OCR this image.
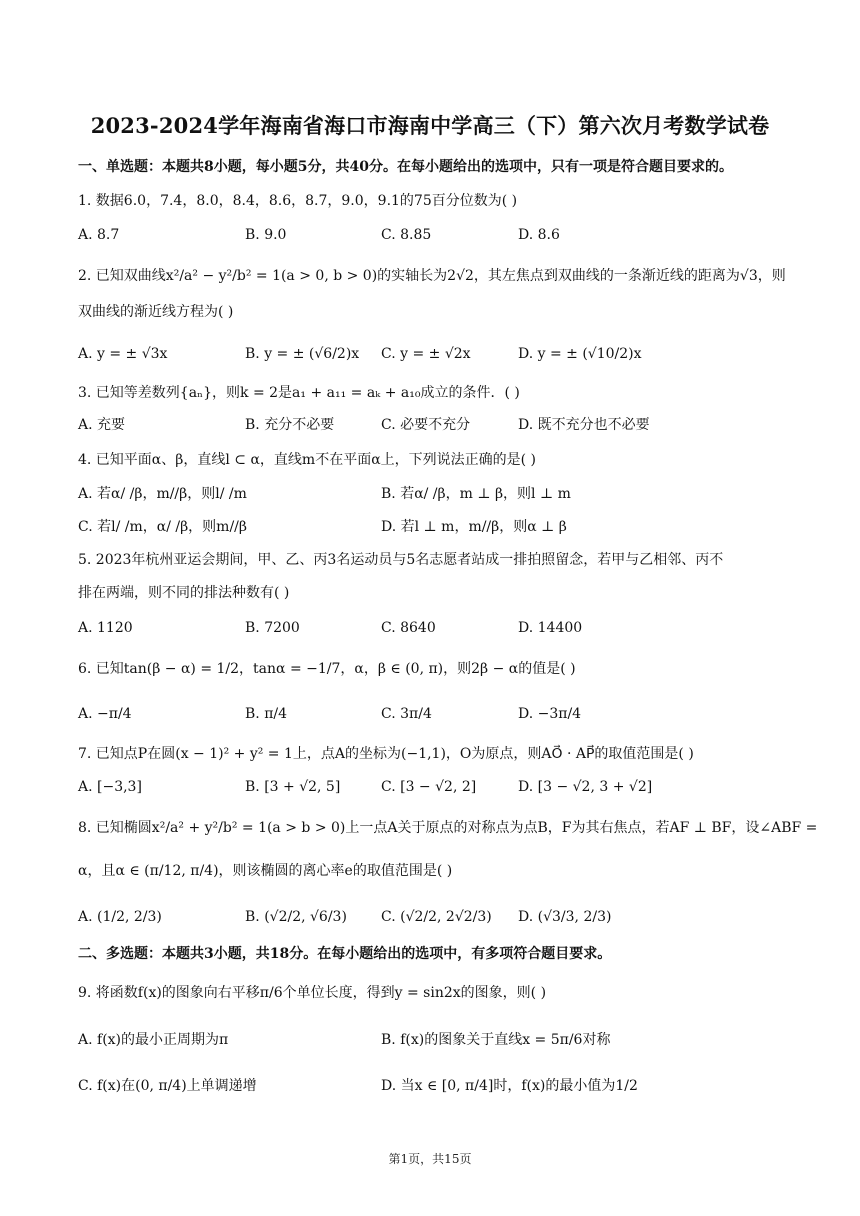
2023-2024学年海南省海口市海南中学高三（下）第六次月考数学试卷
一、单选题：本题共8小题，每小题5分，共40分。在每小题给出的选项中，只有一项是符合题目要求的。
1. 数据6.0，7.4，8.0，8.4，8.6，8.7，9.0，9.1的75百分位数为( )
A. 8.7	B. 9.0	C. 8.85	D. 8.6
2. 已知双曲线x²/a² − y²/b² = 1(a > 0, b > 0)的实轴长为2√2，其左焦点到双曲线的一条渐近线的距离为√3，则
双曲线的渐近线方程为( )
A. y = ± √3x	B. y = ± (√6/2)x C. y = ± √2x	D. y = ± (√10/2)x
3. 已知等差数列{aₙ}，则k = 2是a₁ + a₁₁ = aₖ + a₁₀成立的条件．( )
A. 充要	B. 充分不必要	C. 必要不充分	D. 既不充分也不必要
4. 已知平面α、β，直线l ⊂ α，直线m不在平面α上，下列说法正确的是( )
A. 若α/ /β，m//β，则l/ /m	B. 若α/ /β，m ⊥ β，则l ⊥ m
C. 若l/ /m，α/ /β，则m//β	D. 若l ⊥ m，m//β，则α ⊥ β
5. 2023年杭州亚运会期间，甲、乙、丙3名运动员与5名志愿者站成一排拍照留念，若甲与乙相邻、丙不
排在两端，则不同的排法种数有( )
A. 1120	B. 7200	C. 8640	D. 14400
6. 已知tan(β − α) = 1/2，tanα = −1/7，α，β ∈ (0, π)，则2β − α的值是( )
A. −π/4	B. π/4	C. 3π/4	D. −3π/4
7. 已知点P在圆(x − 1)² + y² = 1上，点A的坐标为(−1,1)，O为原点，则AO⃗ · AP⃗的取值范围是( )
A. [−3,3]	B. [3 + √2, 5]	C. [3 − √2, 2]	D. [3 − √2, 3 + √2]
8. 已知椭圆x²/a² + y²/b² = 1(a > b > 0)上一点A关于原点的对称点为点B，F为其右焦点，若AF ⊥ BF，设∠ABF =
α，且α ∈ (π/12, π/4)，则该椭圆的离心率e的取值范围是( )
A. (1/2, 2/3)	B. (√2/2, √6/3) C. (√2/2, 2√2/3) D. (√3/3, 2/3)
二、多选题：本题共3小题，共18分。在每小题给出的选项中，有多项符合题目要求。
9. 将函数f(x)的图象向右平移π/6个单位长度，得到y = sin2x的图象，则( )
A. f(x)的最小正周期为π	B. f(x)的图象关于直线x = 5π/6对称
C. f(x)在(0, π/4)上单调递增	D. 当x ∈ [0, π/4]时，f(x)的最小值为1/2
第1页，共15页
